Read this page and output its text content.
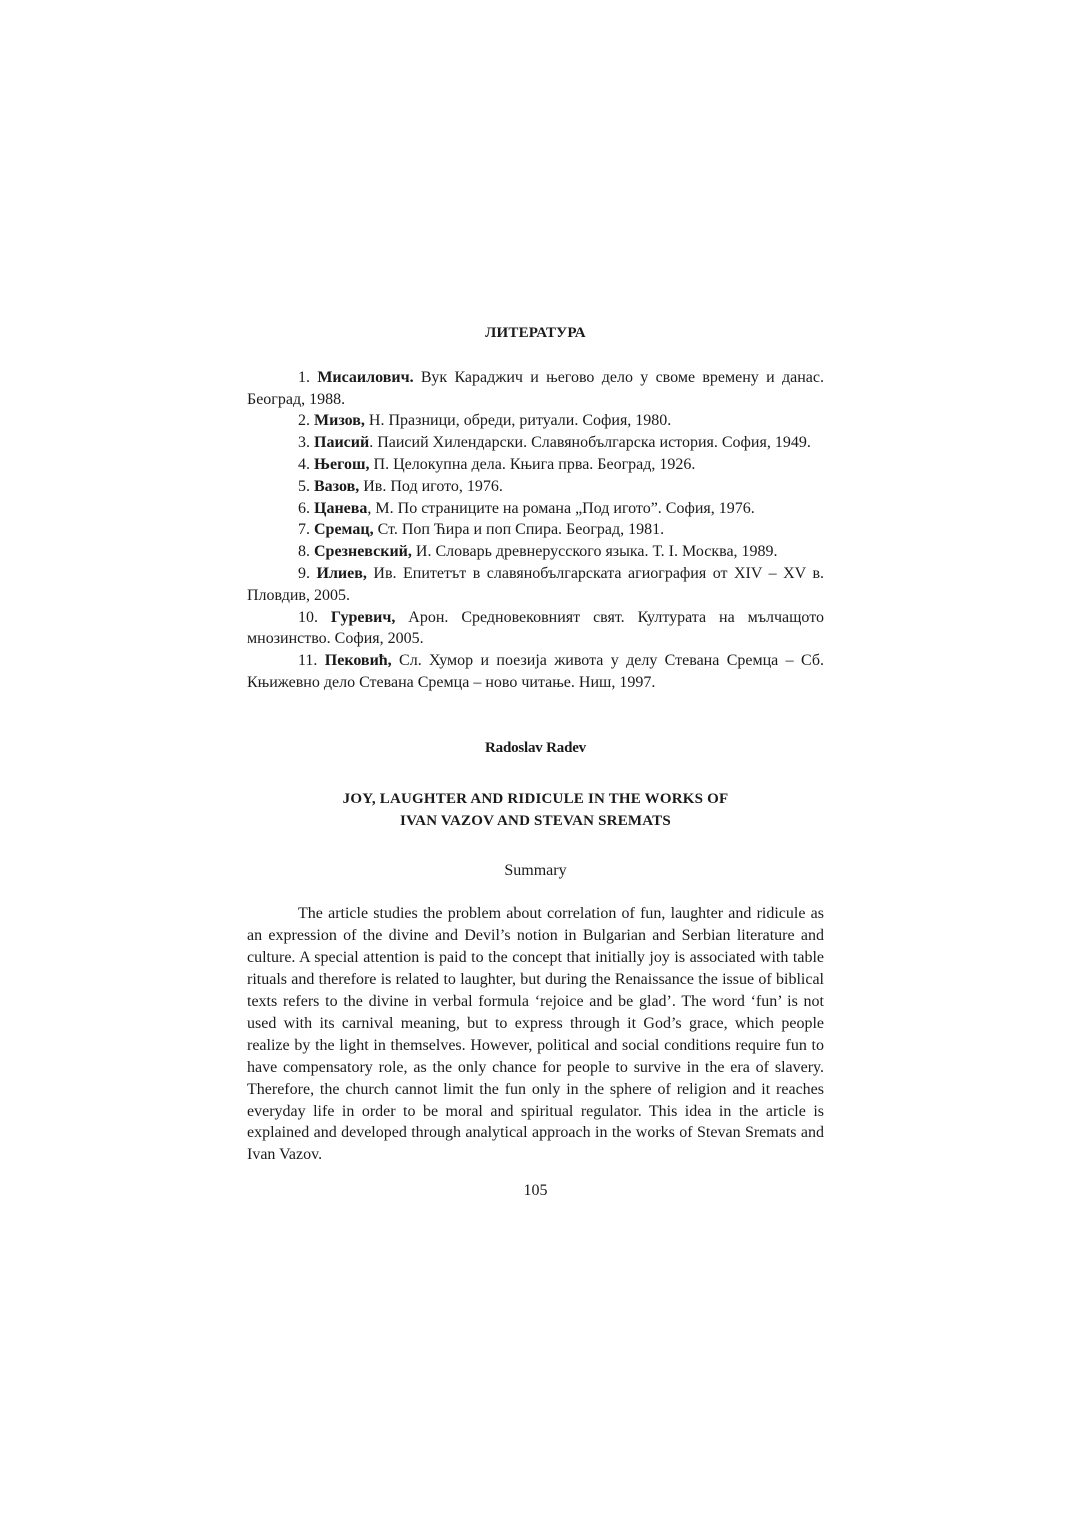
ЛИТЕРАТУРА

1. Мисаилович. Вук Караджич и његово дело у своме времену и данас. Београд, 1988.

2. Мизов, Н. Празници, обреди, ритуали. София, 1980.

3. Паисий. Паисий Хилендарски. Славянобългарска история. София, 1949.

4. Његош, П. Целокупна дела. Књига прва. Београд, 1926.

5. Вазов, Ив. Под игото, 1976.

6. Цанева, М. По страниците на романа „Под игото”. София, 1976.

7. Сремац, Ст. Поп Ћира и поп Спира. Београд, 1981.

8. Срезневский, И. Словарь древнерусского языка. Т. I. Москва, 1989.

9. Илиев, Ив. Епитетът в славянобългарската агиография от XIV – XV в. Пловдив, 2005.

10. Гуревич, Арон. Средновековният свят. Културата на мълчащото мнозинство. София, 2005.

11. Пековић, Сл. Хумор и поезија живота у делу Стевана Сремца – Сб. Књижевно дело Стевана Сремца – ново читање. Ниш, 1997.

Radoslav Radev
JOY, LAUGHTER AND RIDICULE IN THE WORKS OF
IVAN VAZOV AND STEVAN SREMATS
Summary

The article studies the problem about correlation of fun, laughter and ridicule as an expression of the divine and Devil’s notion in Bulgarian and Serbian literature and culture. A special attention is paid to the concept that initially joy is associated with table rituals and therefore is related to laughter, but during the Renaissance the issue of biblical texts refers to the divine in verbal formula ‘rejoice and be glad’. The word ‘fun’ is not used with its carnival meaning, but to express through it God’s grace, which people realize by the light in themselves. However, political and social conditions require fun to have compensatory role, as the only chance for people to survive in the era of slavery. Therefore, the church cannot limit the fun only in the sphere of religion and it reaches everyday life in order to be moral and spiritual regulator. This idea in the article is explained and developed through analytical approach in the works of Stevan Sremats and Ivan Vazov.

105
